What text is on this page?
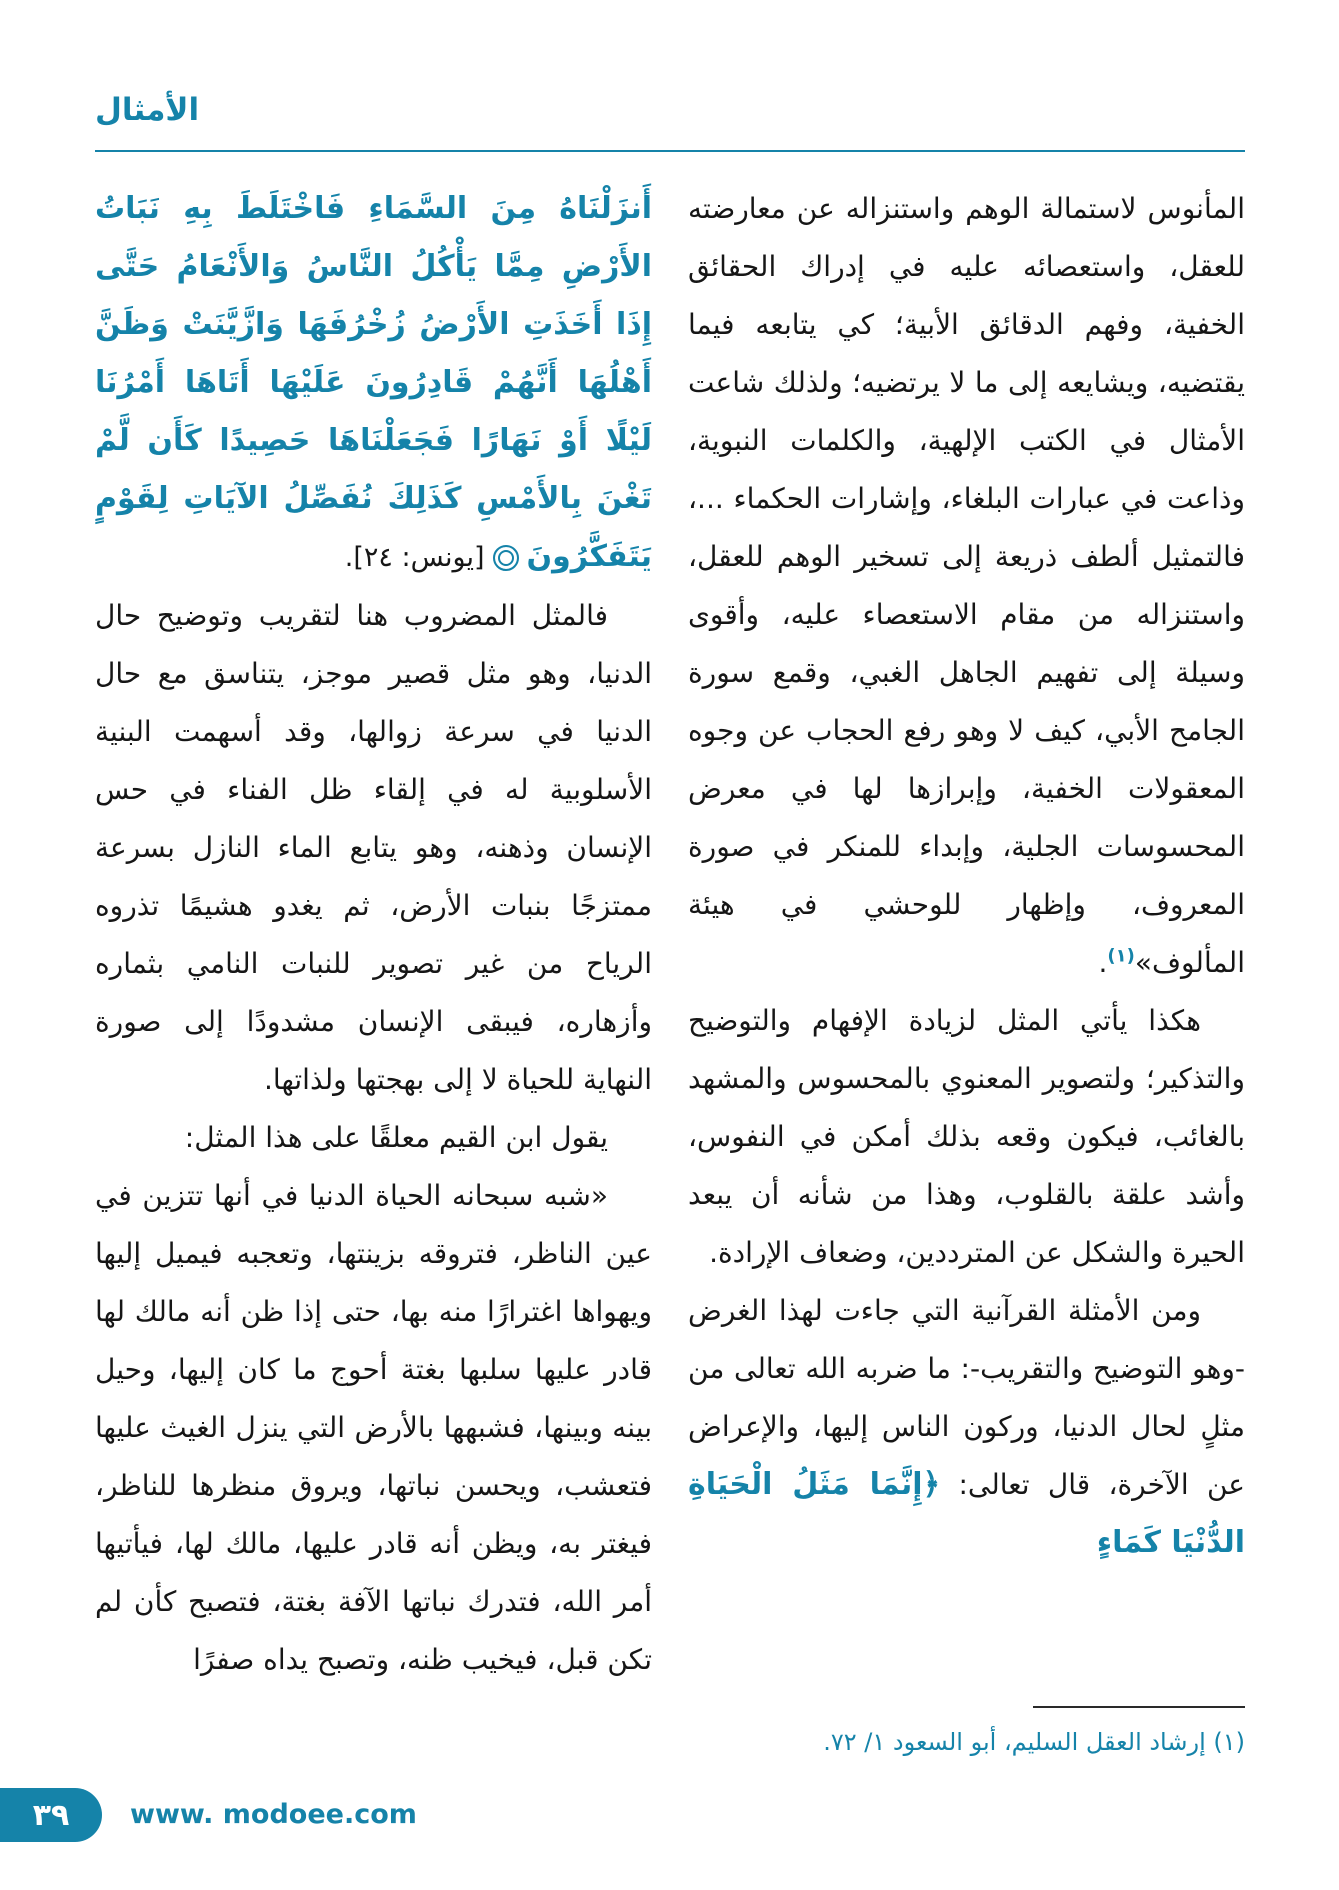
الأمثال

المأنوس لاستمالة الوهم واستنزاله عن معارضته للعقل، واستعصائه عليه في إدراك الحقائق الخفية، وفهم الدقائق الأبية؛ كي يتابعه فيما يقتضيه، ويشايعه إلى ما لا يرتضيه؛ ولذلك شاعت الأمثال في الكتب الإلهية، والكلمات النبوية، وذاعت في عبارات البلغاء، وإشارات الحكماء ...، فالتمثيل ألطف ذريعة إلى تسخير الوهم للعقل، واستنزاله من مقام الاستعصاء عليه، وأقوى وسيلة إلى تفهيم الجاهل الغبي، وقمع سورة الجامح الأبي، كيف لا وهو رفع الحجاب عن وجوه المعقولات الخفية، وإبرازها لها في معرض المحسوسات الجلية، وإبداء للمنكر في صورة المعروف، وإظهار للوحشي في هيئة المألوف»$^{(١)}$.

هكذا يأتي المثل لزيادة الإفهام والتوضيح والتذكير؛ ولتصوير المعنوي بالمحسوس والمشهد بالغائب، فيكون وقعه بذلك أمكن في النفوس، وأشد علقة بالقلوب، وهذا من شأنه أن يبعد الحيرة والشكل عن المترددين، وضعاف الإرادة.

ومن الأمثلة القرآنية التي جاءت لهذا الغرض -وهو التوضيح والتقريب-: ما ضربه الله تعالى من مثلٍ لحال الدنيا، وركون الناس إليها، والإعراض عن الآخرة، قال تعالى: ﴿إِنَّمَا مَثَلُ الْحَيَاةِ الدُّنْيَا كَمَاءٍ

أَنزَلْنَاهُ مِنَ السَّمَاءِ فَاخْتَلَطَ بِهِ نَبَاتُ الأَرْضِ مِمَّا يَأْكُلُ النَّاسُ وَالأَنْعَامُ حَتَّى إِذَا أَخَذَتِ الأَرْضُ زُخْرُفَهَا وَازَّيَّنَتْ وَظَنَّ أَهْلُهَا أَنَّهُمْ قَادِرُونَ عَلَيْهَا أَتَاهَا أَمْرُنَا لَيْلًا أَوْ نَهَارًا فَجَعَلْنَاهَا حَصِيدًا كَأَن لَّمْ تَغْنَ بِالأَمْسِ كَذَلِكَ نُفَصِّلُ الآيَاتِ لِقَوْمٍ يَتَفَكَّرُونَ[يونس: ٢٤].

فالمثل المضروب هنا لتقريب وتوضيح حال الدنيا، وهو مثل قصير موجز، يتناسق مع حال الدنيا في سرعة زوالها، وقد أسهمت البنية الأسلوبية له في إلقاء ظل الفناء في حس الإنسان وذهنه، وهو يتابع الماء النازل بسرعة ممتزجًا بنبات الأرض، ثم يغدو هشيمًا تذروه الرياح من غير تصوير للنبات النامي بثماره وأزهاره، فيبقى الإنسان مشدودًا إلى صورة النهاية للحياة لا إلى بهجتها ولذاتها.

يقول ابن القيم معلقًا على هذا المثل:

«شبه سبحانه الحياة الدنيا في أنها تتزين في عين الناظر، فتروقه بزينتها، وتعجبه فيميل إليها ويهواها اغترارًا منه بها، حتى إذا ظن أنه مالك لها قادر عليها سلبها بغتة أحوج ما كان إليها، وحيل بينه وبينها، فشبهها بالأرض التي ينزل الغيث عليها فتعشب، ويحسن نباتها، ويروق منظرها للناظر، فيغتر به، ويظن أنه قادر عليها، مالك لها، فيأتيها أمر الله، فتدرك نباتها الآفة بغتة، فتصبح كأن لم تكن قبل، فيخيب ظنه، وتصبح يداه صفرًا

(١) إرشاد العقل السليم، أبو السعود ١/ ٧٢.
٣٩ www. modoee.com
